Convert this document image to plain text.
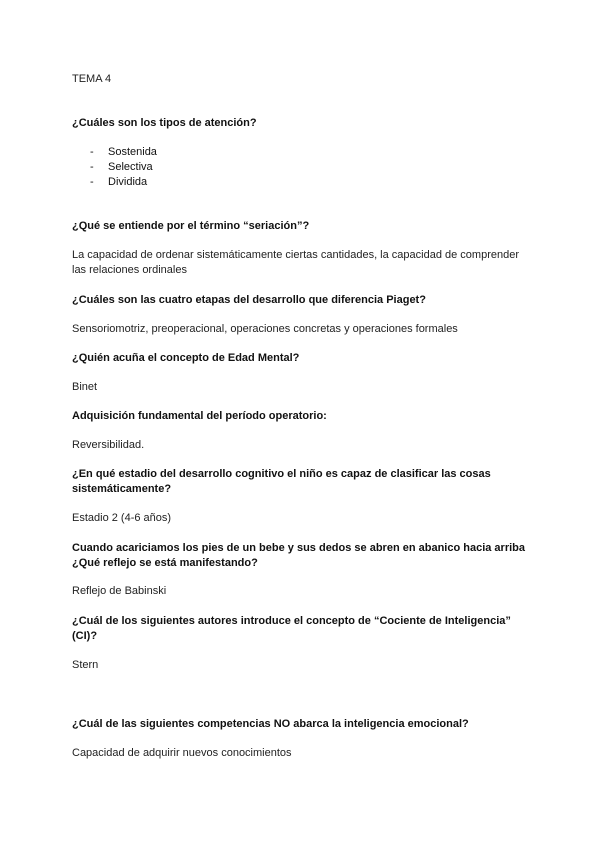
TEMA 4
¿Cuáles son los tipos de atención?
- Sostenida
- Selectiva
- Dividida
¿Qué se entiende por el término “seriación”?
La capacidad de ordenar sistemáticamente ciertas cantidades, la capacidad de comprender las relaciones ordinales
¿Cuáles son las cuatro etapas del desarrollo que diferencia Piaget?
Sensoriomotriz, preoperacional, operaciones concretas y operaciones formales
¿Quién acuña el concepto de Edad Mental?
Binet
Adquisición fundamental del período operatorio:
Reversibilidad.
¿En qué estadio del desarrollo cognitivo el niño es capaz de clasificar las cosas sistemáticamente?
Estadio 2 (4-6 años)
Cuando acariciamos los pies de un bebe y sus dedos se abren en abanico hacia arriba ¿Qué reflejo se está manifestando?
Reflejo de Babinski
¿Cuál de los siguientes autores introduce el concepto de “Cociente de Inteligencia” (CI)?
Stern
¿Cuál de las siguientes competencias NO abarca la inteligencia emocional?
Capacidad de adquirir nuevos conocimientos
